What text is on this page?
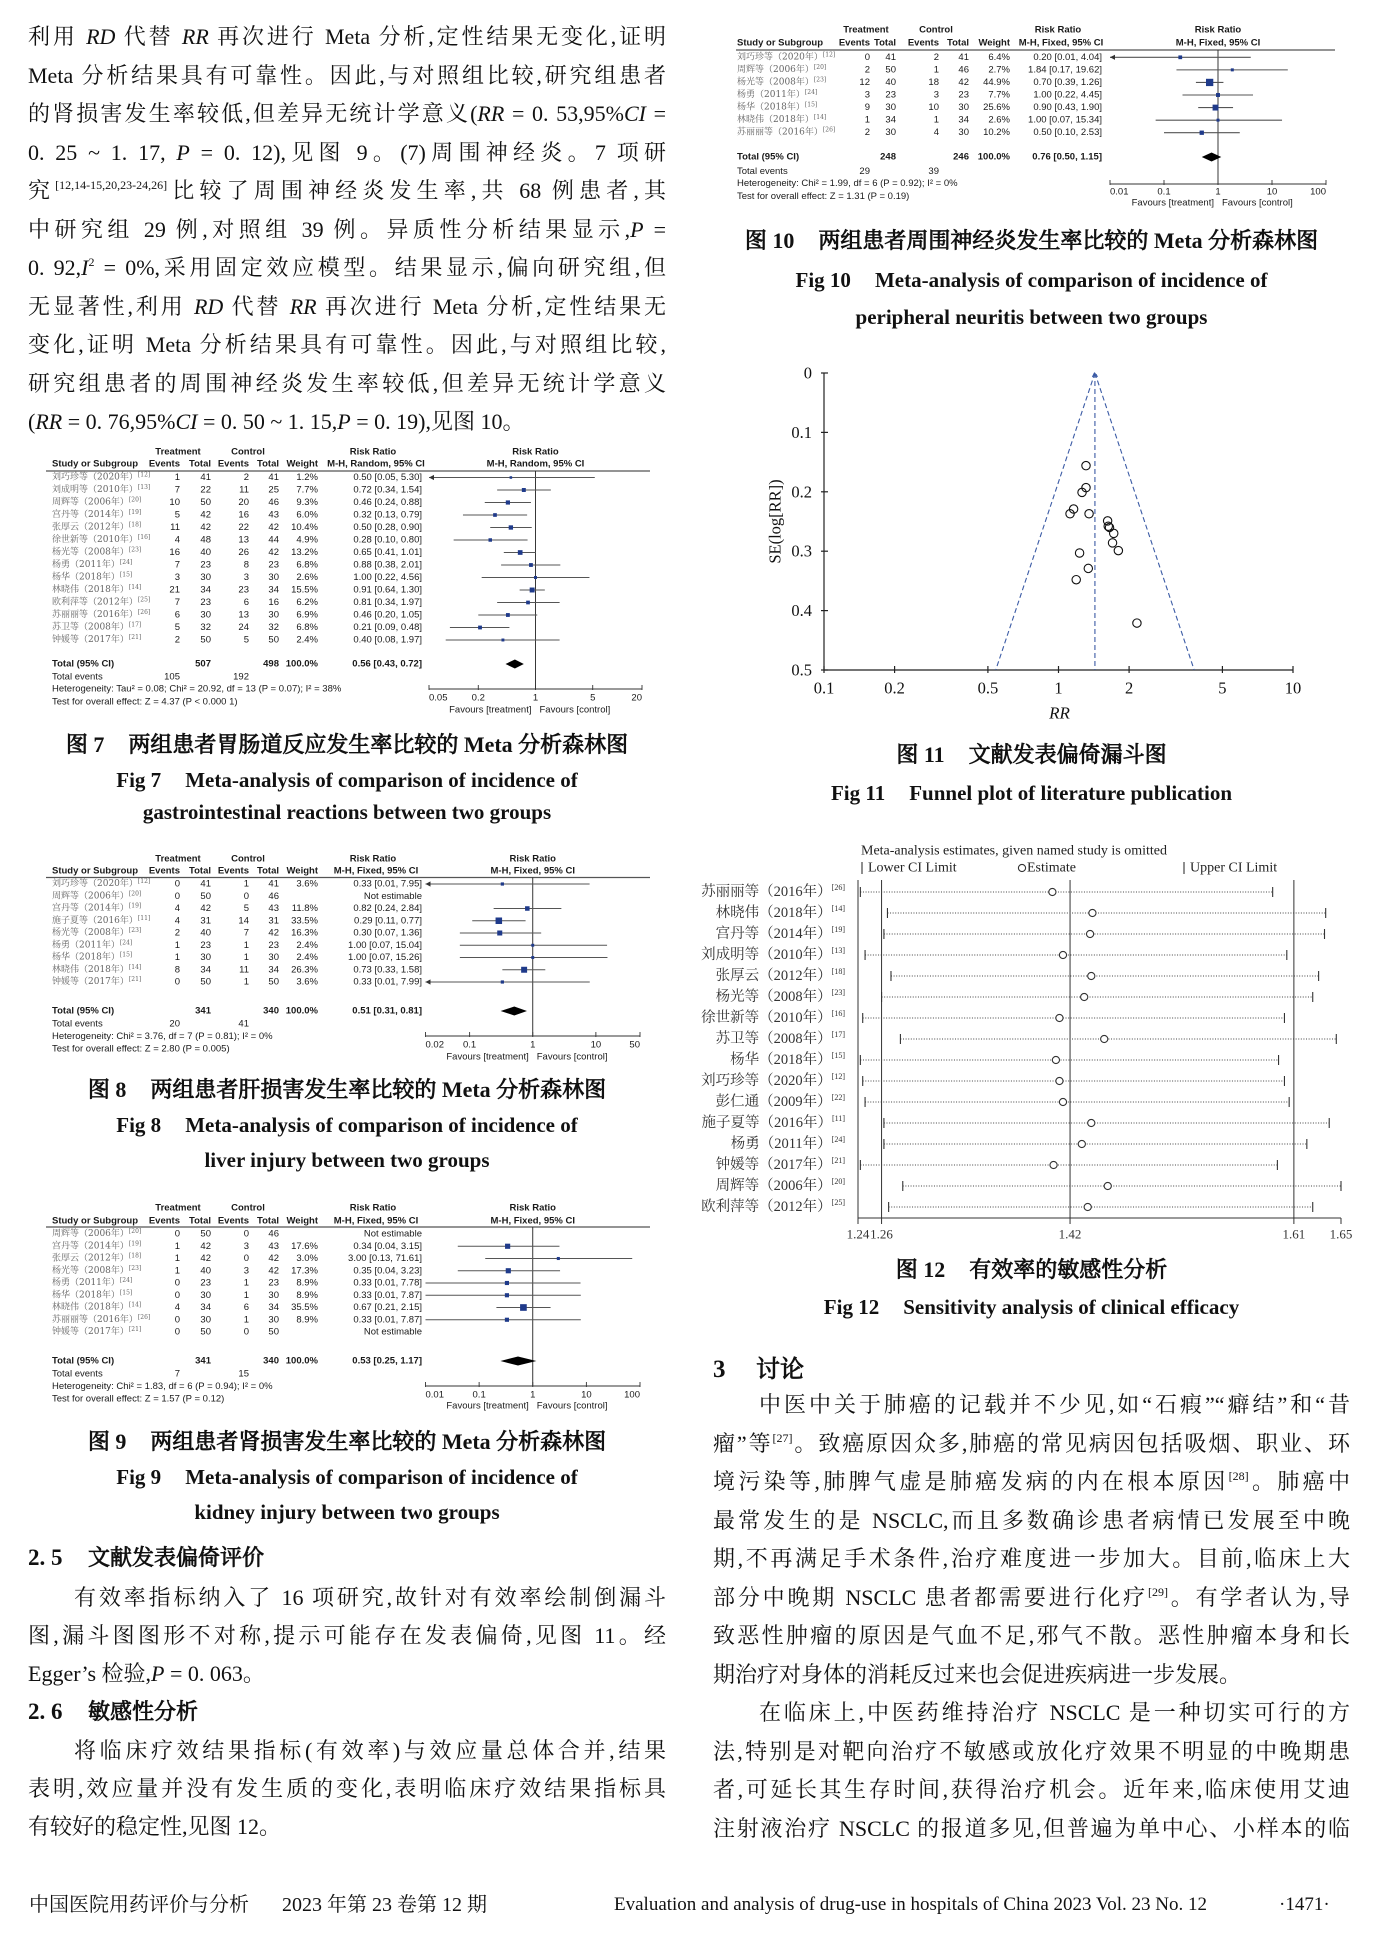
利用 RD 代替 RR 再次进行 Meta 分析,定性结果无变化,证明
Meta 分析结果具有可靠性。因此,与对照组比较,研究组患者
的肾损害发生率较低,但差异无统计学意义(RR = 0. 53,95%CI =
0. 25 ~ 1. 17, P = 0. 12),见图 9。(7)周围神经炎。7 项研
究[12,14-15,20,23-24,26]比较了周围神经炎发生率,共 68 例患者,其
中研究组 29 例,对照组 39 例。异质性分析结果显示,P =
0. $92,I^2 = 0\%$,采用固定效应模型。结果显示,偏向研究组,但
无显著性,利用 RD 代替 RR 再次进行 Meta 分析,定性结果无
变化,证明 Meta 分析结果具有可靠性。因此,与对照组比较,
研究组患者的周围神经炎发生率较低,但差异无统计学意义
(RR = 0. 76,95%CI = 0. 50 ~ 1. 15,P = 0. 19),见图 10。
Treatment	Control	Risk Ratio	Risk Ratio
Study or Subgroup Events Total Events Total Weight M-H, Random, 95% CI	M-H, Random, 95% CI
刘巧珍等（2020年）[12]	1 41	2 41 1.2%	0.50 [0.05, 5.30]
刘成明等（2010年）[13]	7 22	11 25 7.7%	0.72 [0.34, 1.54]
周辉等（2006年）[20]	10 50	20 46 9.3%	0.46 [0.24, 0.88]
宫丹等（2014年）[19]	5 42	16 43 6.0%	0.32 [0.13, 0.79]
张厚云（2012年）[18]	11 42	22 42 10.4%	0.50 [0.28, 0.90]
徐世新等（2010年）[16]	4 48	13 44 4.9%	0.28 [0.10, 0.80]
杨光等（2008年）[23]	16 40	26 42 13.2%	0.65 [0.41, 1.01]
杨勇（2011年）[24]	7 23	8 23 6.8%	0.88 [0.38, 2.01]
杨华（2018年）[15]	3 30	3 30 2.6%	1.00 [0.22, 4.56]
林晓伟（2018年）[14]	21 34	23 34 15.5%	0.91 [0.64, 1.30]
欧利萍等（2012年）[25]	7 23	6 16 6.2%	0.81 [0.34, 1.97]
苏丽丽等（2016年）[26]	6 30	13 30 6.9%	0.46 [0.20, 1.05]
苏卫等（2008年）[17]	5 32	24 32 6.8%	0.21 [0.09, 0.48]
钟媛等（2017年）[21]	2 50	5 50 2.4%	0.40 [0.08, 1.97]
Total (95% CI)	507	498 100.0%	0.56 [0.43, 0.72]
Total events	105	192
Heterogeneity: Tau² = 0.08; Chi² = 20.92, df = 13 (P = 0.07); I² = 38%
Test for overall effect: Z = 4.37 (P < 0.000 1)	0.05	0.2	1	5	20
Favours [treatment] Favours [control]
图 7 两组患者胃肠道反应发生率比较的 Meta 分析森林图
Fig 7 Meta-analysis of comparison of incidence of
gastrointestinal reactions between two groups
Treatment	Control	Risk Ratio	Risk Ratio
Study or Subgroup Events Total Events Total Weight M-H, Fixed, 95% CI	M-H, Fixed, 95% CI
刘巧珍等（2020年）[12]	0 41	1 41 3.6%	0.33 [0.01, 7.95]
周辉等（2006年）[20]	0 50	0 46	Not estimable
宫丹等（2014年）[19]	4 42	5 43 11.8%	0.82 [0.24, 2.84]
施子夏等（2016年）[11]	4 31	14 31 33.5%	0.29 [0.11, 0.77]
杨光等（2008年）[23]	2 40	7 42 16.3%	0.30 [0.07, 1.36]
杨勇（2011年）[24]	1 23	1 23 2.4%	1.00 [0.07, 15.04]
杨华（2018年）[15]	1 30	1 30 2.4%	1.00 [0.07, 15.26]
林晓伟（2018年）[14]	8 34	11 34 26.3%	0.73 [0.33, 1.58]
钟媛等（2017年）[21]	0 50	1 50 3.6%	0.33 [0.01, 7.99]
Total (95% CI)	341	340 100.0%	0.51 [0.31, 0.81]
Total events	20	41
Heterogeneity: Chi² = 3.76, df = 7 (P = 0.81); I² = 0%
Test for overall effect: Z = 2.80 (P = 0.005)	0.02 0.1	1	10	50
Favours [treatment] Favours [control]
图 8 两组患者肝损害发生率比较的 Meta 分析森林图
Fig 8 Meta-analysis of comparison of incidence of
liver injury between two groups
Treatment	Control	Risk Ratio	Risk Ratio
Study or Subgroup Events Total Events Total Weight M-H, Fixed, 95% CI	M-H, Fixed, 95% CI
周辉等（2006年）[20]	0 50	0 46	Not estimable
宫丹等（2014年）[19]	1 42	3 43 17.6%	0.34 [0.04, 3.15]
张厚云（2012年）[18]	1 42	0 42 3.0%	3.00 [0.13, 71.61]
杨光等（2008年）[23]	1 40	3 42 17.3%	0.35 [0.04, 3.23]
杨勇（2011年）[24]	0 23	1 23 8.9%	0.33 [0.01, 7.78]
杨华（2018年）[15]	0 30	1 30 8.9%	0.33 [0.01, 7.87]
林晓伟（2018年）[14]	4 34	6 34 35.5%	0.67 [0.21, 2.15]
苏丽丽等（2016年）[26]	0 30	1 30 8.9%	0.33 [0.01, 7.87]
钟媛等（2017年）[21]	0 50	0 50	Not estimable
Total (95% CI)	341	340 100.0%	0.53 [0.25, 1.17]
Total events	7	15
Heterogeneity: Chi² = 1.83, df = 6 (P = 0.94); I² = 0%
Test for overall effect: Z = 1.57 (P = 0.12)	0.01	0.1	1	10	100
Favours [treatment] Favours [control]
图 9 两组患者肾损害发生率比较的 Meta 分析森林图
Fig 9 Meta-analysis of comparison of incidence of
kidney injury between two groups
2. 5 文献发表偏倚评价
有效率指标纳入了 16 项研究,故针对有效率绘制倒漏斗
图,漏斗图图形不对称,提示可能存在发表偏倚,见图 11。经
Egger’s 检验,P = 0. 063。
2. 6 敏感性分析
将临床疗效结果指标(有效率)与效应量总体合并,结果
表明,效应量并没有发生质的变化,表明临床疗效结果指标具
有较好的稳定性,见图 12。
Treatment	Control	Risk Ratio	Risk Ratio
Study or Subgroup Events Total Events Total Weight M-H, Fixed, 95% CI	M-H, Fixed, 95% CI
刘巧珍等（2020年）[12]	0 41	2 41 6.4% 0.20 [0.01, 4.04]
周辉等（2006年）[20]	2 50	1 46 2.7% 1.84 [0.17, 19.62]
杨光等（2008年）[23]	12 40	18 42 44.9% 0.70 [0.39, 1.26]
杨勇（2011年）[24]	3 23	3 23 7.7% 1.00 [0.22, 4.45]
杨华（2018年）[15]	9 30	10 30 25.6% 0.90 [0.43, 1.90]
林晓伟（2018年）[14]	1 34	1 34 2.6% 1.00 [0.07, 15.34]
苏丽丽等（2016年）[26]	2 30	4 30 10.2% 0.50 [0.10, 2.53]
Total (95% CI)	248	246 100.0% 0.76 [0.50, 1.15]
Total events	29	39
Heterogeneity: Chi² = 1.99, df = 6 (P = 0.92); I² = 0%
Test for overall effect: Z = 1.31 (P = 0.19)	0.01	0.1	1	10	100
Favours [treatment] Favours [control]
图 10 两组患者周围神经炎发生率比较的 Meta 分析森林图
Fig 10 Meta-analysis of comparison of incidence of
peripheral neuritis between two groups
0
0.1
0.2
0.3
0.4
0.5
0.1	0.2	0.5	1	2	5	10
RR
SE(log[RR])
图 11 文献发表偏倚漏斗图
Fig 11 Funnel plot of literature publication
Meta-analysis estimates, given named study is omitted
Lower CI Limit	Estimate	Upper CI Limit
1.24 1.26	1.42	1.61 1.65
苏丽丽等（2016年）[26]
林晓伟（2018年）[14]
宫丹等（2014年）[19]
刘成明等（2010年）[13]
张厚云（2012年）[18]
杨光等（2008年）[23]
徐世新等（2010年）[16]
苏卫等（2008年）[17]
杨华（2018年）[15]
刘巧珍等（2020年）[12]
彭仁通（2009年）[22]
施子夏等（2016年）[11]
杨勇（2011年）[24]
钟媛等（2017年）[21]
周辉等（2006年）[20]
欧利萍等（2012年）[25]
图 12 有效率的敏感性分析
Fig 12 Sensitivity analysis of clinical efficacy
3 讨论
中医中关于肺癌的记载并不少见,如“石瘕”“癖结”和“昔
瘤”等[27]。致癌原因众多,肺癌的常见病因包括吸烟、职业、环
境污染等,肺脾气虚是肺癌发病的内在根本原因[28]。肺癌中
最常发生的是 NSCLC,而且多数确诊患者病情已发展至中晚
期,不再满足手术条件,治疗难度进一步加大。目前,临床上大
部分中晚期 NSCLC 患者都需要进行化疗[29]。有学者认为,导
致恶性肿瘤的原因是气血不足,邪气不散。恶性肿瘤本身和长
期治疗对身体的消耗反过来也会促进疾病进一步发展。
在临床上,中医药维持治疗 NSCLC 是一种切实可行的方
法,特别是对靶向治疗不敏感或放化疗效果不明显的中晚期患
者,可延长其生存时间,获得治疗机会。近年来,临床使用艾迪
注射液治疗 NSCLC 的报道多见,但普遍为单中心、小样本的临
中国医院用药评价与分析 2023 年第 23 卷第 12 期	Evaluation and analysis of drug-use in hospitals of China 2023 Vol. 23 No. 12	·1471·
